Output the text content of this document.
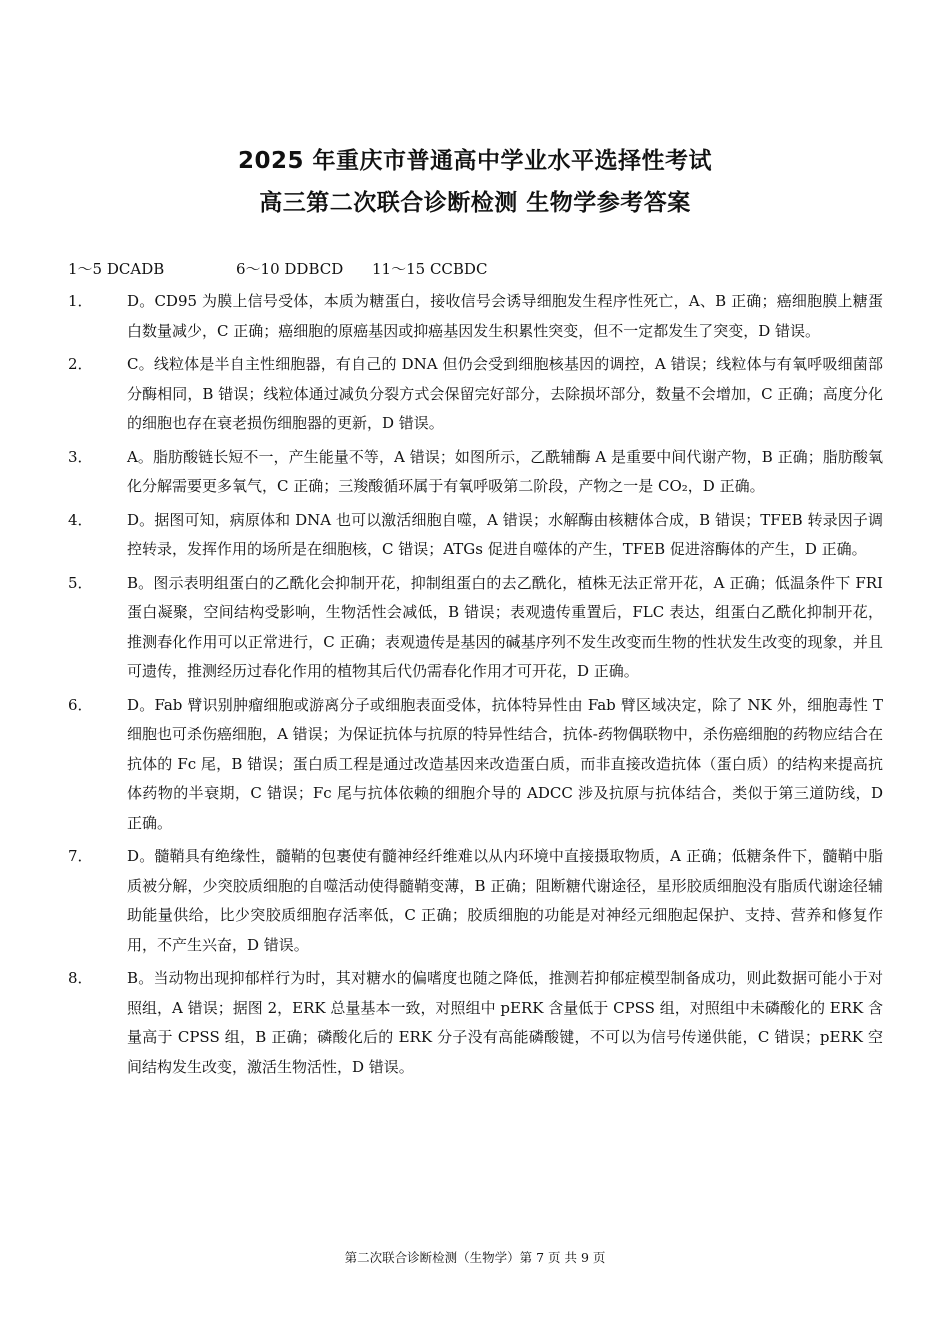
2025 年重庆市普通高中学业水平选择性考试
高三第二次联合诊断检测 生物学参考答案
1～5 DCADB	6～10 DDBCD 11～15 CCBDC
1． D。CD95 为膜上信号受体，本质为糖蛋白，接收信号会诱导细胞发生程序性死亡，A、B 正确；癌细胞膜上糖蛋白数量减少，C 正确；癌细胞的原癌基因或抑癌基因发生积累性突变，但不一定都发生了突变，D 错误。
2． C。线粒体是半自主性细胞器，有自己的 DNA 但仍会受到细胞核基因的调控，A 错误；线粒体与有氧呼吸细菌部分酶相同，B 错误；线粒体通过减负分裂方式会保留完好部分，去除损坏部分，数量不会增加，C 正确；高度分化的细胞也存在衰老损伤细胞器的更新，D 错误。
3． A。脂肪酸链长短不一，产生能量不等，A 错误；如图所示，乙酰辅酶 A 是重要中间代谢产物，B 正确；脂肪酸氧化分解需要更多氧气，C 正确；三羧酸循环属于有氧呼吸第二阶段，产物之一是 CO₂，D 正确。
4． D。据图可知，病原体和 DNA 也可以激活细胞自噬，A 错误；水解酶由核糖体合成，B 错误；TFEB 转录因子调控转录，发挥作用的场所是在细胞核，C 错误；ATGs 促进自噬体的产生，TFEB 促进溶酶体的产生，D 正确。
5． B。图示表明组蛋白的乙酰化会抑制开花，抑制组蛋白的去乙酰化，植株无法正常开花，A 正确；低温条件下 FRI 蛋白凝聚，空间结构受影响，生物活性会减低，B 错误；表观遗传重置后，FLC 表达，组蛋白乙酰化抑制开花，推测春化作用可以正常进行，C 正确；表观遗传是基因的碱基序列不发生改变而生物的性状发生改变的现象，并且可遗传，推测经历过春化作用的植物其后代仍需春化作用才可开花，D 正确。
6． D。Fab 臂识别肿瘤细胞或游离分子或细胞表面受体，抗体特异性由 Fab 臂区域决定，除了 NK 外，细胞毒性 T 细胞也可杀伤癌细胞，A 错误；为保证抗体与抗原的特异性结合，抗体-药物偶联物中，杀伤癌细胞的药物应结合在抗体的 Fc 尾，B 错误；蛋白质工程是通过改造基因来改造蛋白质，而非直接改造抗体（蛋白质）的结构来提高抗体药物的半衰期，C 错误；Fc 尾与抗体依赖的细胞介导的 ADCC 涉及抗原与抗体结合，类似于第三道防线，D 正确。
7． D。髓鞘具有绝缘性，髓鞘的包裹使有髓神经纤维难以从内环境中直接摄取物质，A 正确；低糖条件下，髓鞘中脂质被分解，少突胶质细胞的自噬活动使得髓鞘变薄，B 正确；阻断糖代谢途径，星形胶质细胞没有脂质代谢途径辅助能量供给，比少突胶质细胞存活率低，C 正确；胶质细胞的功能是对神经元细胞起保护、支持、营养和修复作用，不产生兴奋，D 错误。
8． B。当动物出现抑郁样行为时，其对糖水的偏嗜度也随之降低，推测若抑郁症模型制备成功，则此数据可能小于对照组，A 错误；据图 2，ERK 总量基本一致，对照组中 pERK 含量低于 CPSS 组，对照组中未磷酸化的 ERK 含量高于 CPSS 组，B 正确；磷酸化后的 ERK 分子没有高能磷酸键，不可以为信号传递供能，C 错误；pERK 空间结构发生改变，激活生物活性，D 错误。
第二次联合诊断检测（生物学）第 7 页 共 9 页
